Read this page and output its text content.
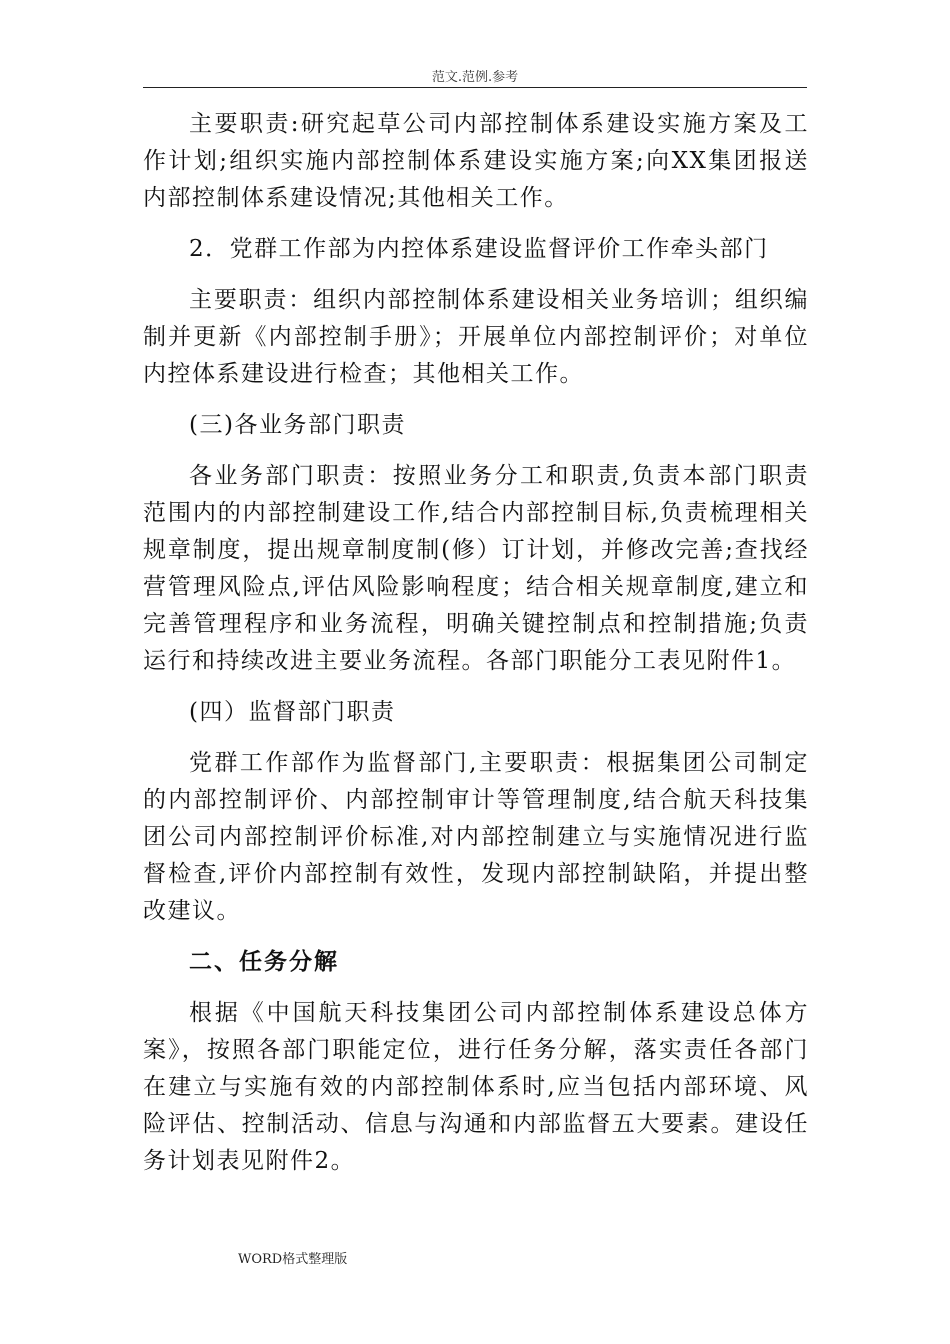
范文.范例.参考

主要职责:研究起草公司内部控制体系建设实施方案及工作计划;组织实施内部控制体系建设实施方案;向XX集团报送内部控制体系建设情况;其他相关工作。

2．党群工作部为内控体系建设监督评价工作牵头部门

主要职责：组织内部控制体系建设相关业务培训；组织编制并更新《内部控制手册》；开展单位内部控制评价；对单位内控体系建设进行检查；其他相关工作。

(三)各业务部门职责

各业务部门职责：按照业务分工和职责,负责本部门职责范围内的内部控制建设工作,结合内部控制目标,负责梳理相关规章制度，提出规章制度制(修）订计划，并修改完善;查找经营管理风险点,评估风险影响程度；结合相关规章制度,建立和完善管理程序和业务流程，明确关键控制点和控制措施;负责运行和持续改进主要业务流程。各部门职能分工表见附件1。

(四）监督部门职责

党群工作部作为监督部门,主要职责：根据集团公司制定的内部控制评价、内部控制审计等管理制度,结合航天科技集团公司内部控制评价标准,对内部控制建立与实施情况进行监督检查,评价内部控制有效性，发现内部控制缺陷，并提出整改建议。

二、任务分解

根据《中国航天科技集团公司内部控制体系建设总体方案》，按照各部门职能定位，进行任务分解，落实责任各部门在建立与实施有效的内部控制体系时,应当包括内部环境、风险评估、控制活动、信息与沟通和内部监督五大要素。建设任务计划表见附件2。

WORD格式整理版
